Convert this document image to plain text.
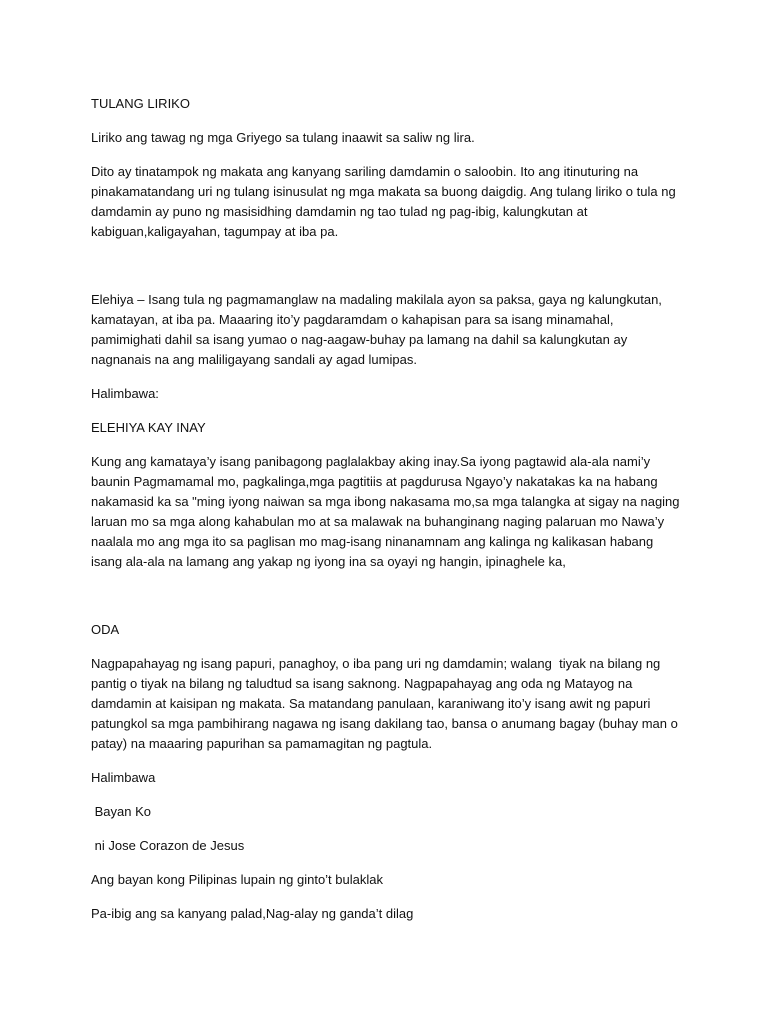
TULANG LIRIKO

Liriko ang tawag ng mga Griyego sa tulang inaawit sa saliw ng lira.

Dito ay tinatampok ng makata ang kanyang sariling damdamin o saloobin. Ito ang itinuturing na pinakamatandang uri ng tulang isinusulat ng mga makata sa buong daigdig. Ang tulang liriko o tula ng damdamin ay puno ng masisidhing damdamin ng tao tulad ng pag-ibig, kalungkutan at kabiguan,kaligayahan, tagumpay at iba pa.

Elehiya – Isang tula ng pagmamanglaw na madaling makilala ayon sa paksa, gaya ng kalungkutan, kamatayan, at iba pa. Maaaring ito’y pagdaramdam o kahapisan para sa isang minamahal, pamimighati dahil sa isang yumao o nag-aagaw-buhay pa lamang na dahil sa kalungkutan ay nagnanais na ang maliligayang sandali ay agad lumipas.

Halimbawa:

ELEHIYA KAY INAY

Kung ang kamataya’y isang panibagong paglalakbay aking inay.Sa iyong pagtawid ala-ala nami’y baunin Pagmamamal mo, pagkalinga,mga pagtitiis at pagdurusa Ngayo’y nakatakas ka na habang nakamasid ka sa "ming iyong naiwan sa mga ibong nakasama mo,sa mga talangka at sigay na naging laruan mo sa mga along kahabulan mo at sa malawak na buhanginang naging palaruan mo Nawa’y naalala mo ang mga ito sa paglisan mo mag-isang ninanamnam ang kalinga ng kalikasan habang isang ala-ala na lamang ang yakap ng iyong ina sa oyayi ng hangin, ipinaghele ka,

ODA

Nagpapahayag ng isang papuri, panaghoy, o iba pang uri ng damdamin; walang  tiyak na bilang ng pantig o tiyak na bilang ng taludtud sa isang saknong. Nagpapahayag ang oda ng Matayog na damdamin at kaisipan ng makata. Sa matandang panulaan, karaniwang ito’y isang awit ng papuri patungkol sa mga pambihirang nagawa ng isang dakilang tao, bansa o anumang bagay (buhay man o patay) na maaaring papurihan sa pamamagitan ng pagtula.

Halimbawa

Bayan Ko

ni Jose Corazon de Jesus

Ang bayan kong Pilipinas lupain ng ginto’t bulaklak

Pa-ibig ang sa kanyang palad,Nag-alay ng ganda’t dilag
